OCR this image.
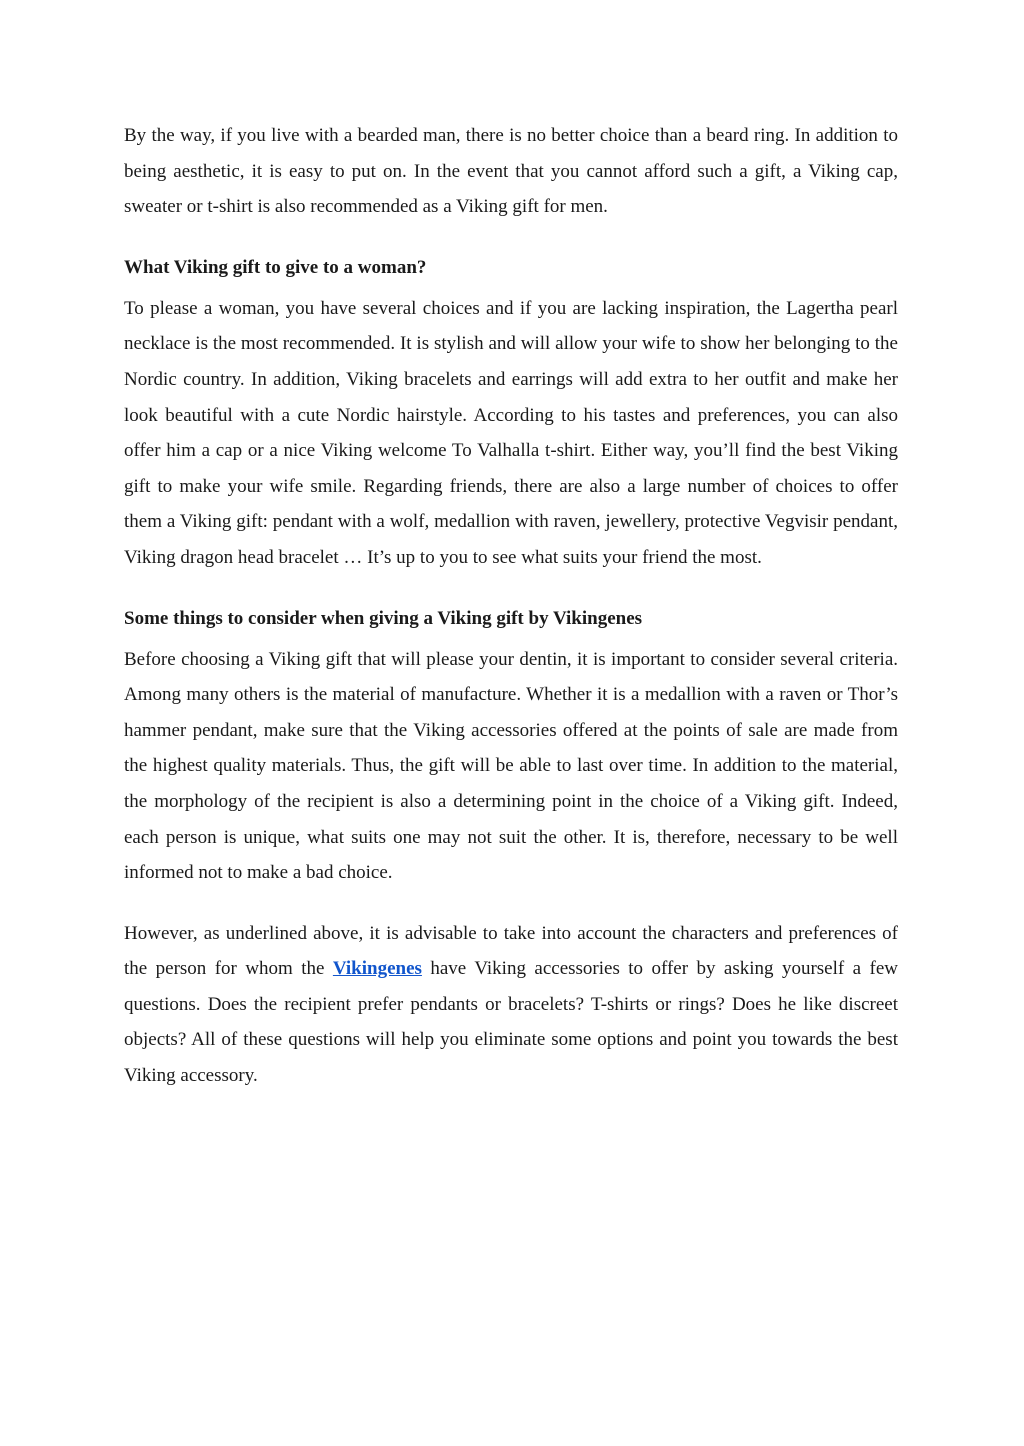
By the way, if you live with a bearded man, there is no better choice than a beard ring. In addition to being aesthetic, it is easy to put on. In the event that you cannot afford such a gift, a Viking cap, sweater or t-shirt is also recommended as a Viking gift for men.

What Viking gift to give to a woman?

To please a woman, you have several choices and if you are lacking inspiration, the Lagertha pearl necklace is the most recommended. It is stylish and will allow your wife to show her belonging to the Nordic country. In addition, Viking bracelets and earrings will add extra to her outfit and make her look beautiful with a cute Nordic hairstyle. According to his tastes and preferences, you can also offer him a cap or a nice Viking welcome To Valhalla t-shirt. Either way, you’ll find the best Viking gift to make your wife smile. Regarding friends, there are also a large number of choices to offer them a Viking gift: pendant with a wolf, medallion with raven, jewellery, protective Vegvisir pendant, Viking dragon head bracelet … It’s up to you to see what suits your friend the most.

Some things to consider when giving a Viking gift by Vikingenes

Before choosing a Viking gift that will please your dentin, it is important to consider several criteria. Among many others is the material of manufacture. Whether it is a medallion with a raven or Thor’s hammer pendant, make sure that the Viking accessories offered at the points of sale are made from the highest quality materials. Thus, the gift will be able to last over time. In addition to the material, the morphology of the recipient is also a determining point in the choice of a Viking gift. Indeed, each person is unique, what suits one may not suit the other. It is, therefore, necessary to be well informed not to make a bad choice.

However, as underlined above, it is advisable to take into account the characters and preferences of the person for whom the Vikingenes have Viking accessories to offer by asking yourself a few questions. Does the recipient prefer pendants or bracelets? T-shirts or rings? Does he like discreet objects? All of these questions will help you eliminate some options and point you towards the best Viking accessory.
